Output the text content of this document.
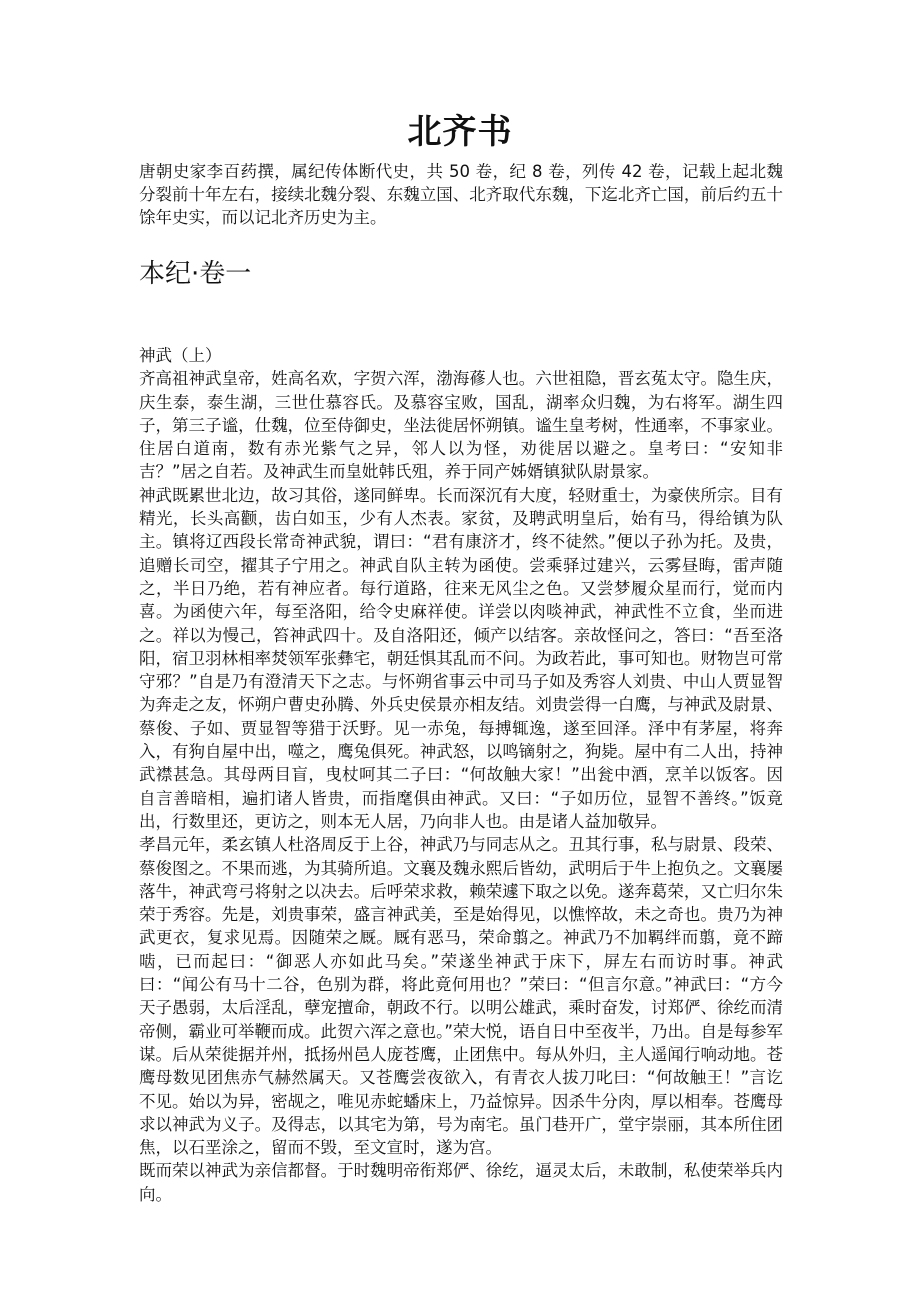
北齐书

唐朝史家李百药撰，属纪传体断代史，共 50 卷，纪 8 卷，列传 42 卷，记载上起北魏分裂前十年左右，接续北魏分裂、东魏立国、北齐取代东魏，下迄北齐亡国，前后约五十馀年史实，而以记北齐历史为主。

本纪·卷一

神武（上）

齐高祖神武皇帝，姓高名欢，字贺六浑，渤海蓚人也。六世祖隐，晋玄菟太守。隐生庆，庆生泰，泰生湖，三世仕慕容氏。及慕容宝败，国乱，湖率众归魏，为右将军。湖生四子，第三子谧，仕魏，位至侍御史，坐法徙居怀朔镇。谧生皇考树，性通率，不事家业。住居白道南，数有赤光紫气之异，邻人以为怪，劝徙居以避之。皇考曰：“安知非吉？”居之自若。及神武生而皇妣韩氏殂，养于同产姊婿镇狱队尉景家。

神武既累世北边，故习其俗，遂同鲜卑。长而深沉有大度，轻财重士，为豪侠所宗。目有精光，长头高颧，齿白如玉，少有人杰表。家贫，及聘武明皇后，始有马，得给镇为队主。镇将辽西段长常奇神武貌，谓曰：“君有康济才，终不徒然。”便以子孙为托。及贵，追赠长司空，擢其子宁用之。神武自队主转为函使。尝乘驿过建兴，云雾昼晦，雷声随之，半日乃绝，若有神应者。每行道路，往来无风尘之色。又尝梦履众星而行，觉而内喜。为函使六年，每至洛阳，给令史麻祥使。详尝以肉啖神武，神武性不立食，坐而进之。祥以为慢己，笞神武四十。及自洛阳还，倾产以结客。亲故怪问之，答曰：“吾至洛阳，宿卫羽林相率焚领军张彝宅，朝廷惧其乱而不问。为政若此，事可知也。财物岂可常守邪？”自是乃有澄清天下之志。与怀朔省事云中司马子如及秀容人刘贵、中山人贾显智为奔走之友，怀朔户曹史孙腾、外兵史侯景亦相友结。刘贵尝得一白鹰，与神武及尉景、蔡俊、子如、贾显智等猎于沃野。见一赤兔，每搏辄逸，遂至回泽。泽中有茅屋，将奔入，有狗自屋中出，噬之，鹰兔俱死。神武怒，以鸣镝射之，狗毙。屋中有二人出，持神武襟甚急。其母两目盲，曳杖呵其二子曰：“何故触大家！”出瓮中酒，烹羊以饭客。因自言善暗相，遍扪诸人皆贵，而指麾俱由神武。又曰：“子如历位，显智不善终。”饭竟出，行数里还，更访之，则本无人居，乃向非人也。由是诸人益加敬异。

孝昌元年，柔玄镇人杜洛周反于上谷，神武乃与同志从之。丑其行事，私与尉景、段荣、蔡俊图之。不果而逃，为其骑所追。文襄及魏永熙后皆幼，武明后于牛上抱负之。文襄屡落牛，神武弯弓将射之以决去。后呼荣求救，赖荣遽下取之以免。遂奔葛荣，又亡归尔朱荣于秀容。先是，刘贵事荣，盛言神武美，至是始得见，以憔悴故，未之奇也。贵乃为神武更衣，复求见焉。因随荣之厩。厩有恶马，荣命翦之。神武乃不加羁绊而翦，竟不蹄啮，已而起曰：“御恶人亦如此马矣。”荣遂坐神武于床下，屏左右而访时事。神武曰：“闻公有马十二谷，色别为群，将此竟何用也？”荣曰：“但言尔意。”神武曰：“方今天子愚弱，太后淫乱，孽宠擅命，朝政不行。以明公雄武，乘时奋发，讨郑俨、徐纥而清帝侧，霸业可举鞭而成。此贺六浑之意也。”荣大悦，语自日中至夜半，乃出。自是每参军谋。后从荣徙据并州，抵扬州邑人庞苍鹰，止团焦中。每从外归，主人遥闻行响动地。苍鹰母数见团焦赤气赫然属天。又苍鹰尝夜欲入，有青衣人拔刀叱曰：“何故触王！”言讫不见。始以为异，密觇之，唯见赤蛇蟠床上，乃益惊异。因杀牛分肉，厚以相奉。苍鹰母求以神武为义子。及得志，以其宅为第，号为南宅。虽门巷开广，堂宇崇丽，其本所住团焦，以石垩涂之，留而不毁，至文宣时，遂为宫。

既而荣以神武为亲信都督。于时魏明帝衔郑俨、徐纥，逼灵太后，未敢制，私使荣举兵内向。
